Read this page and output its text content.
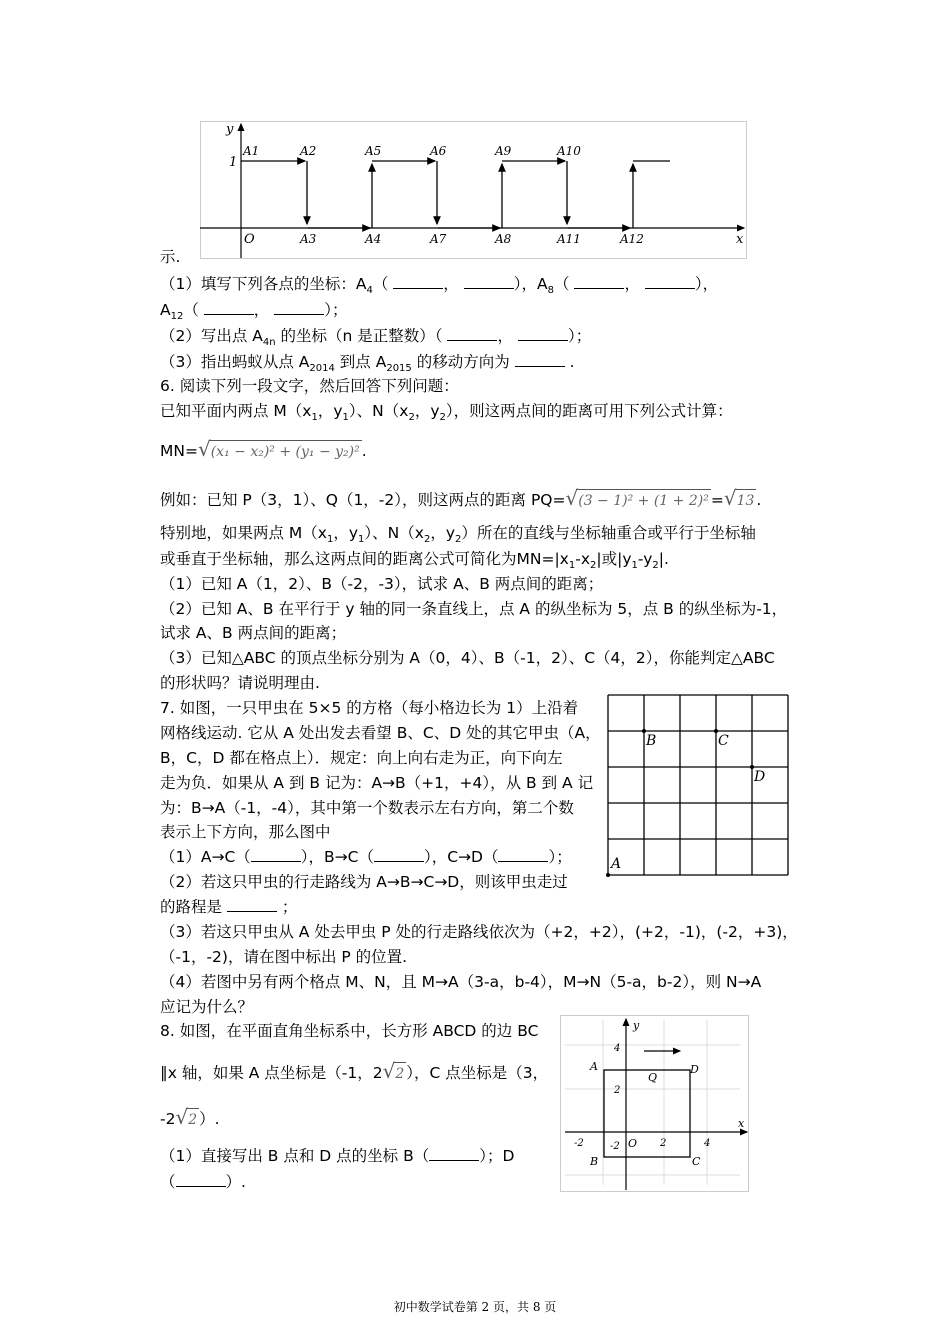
y
1
O	x
A1	A2	A5	A6	A9	A10
A3	A4	A7	A8	A11	A12
示.
（1）填写下列各点的坐标：$A_4$（	，	），$A_8$（	，	），
$A_{12}$（	，	）；
（2）写出点 $A_{4n}$ 的坐标（n 是正整数）（	，	）；
（3）指出蚂蚁从点 $A_{2014}$ 到点 $A_{2015}$ 的移动方向为	.
6. 阅读下列一段文字，然后回答下列问题：
已知平面内两点 $M(x_1$，$y_1$）、$N(x_2$，$y_2$），则这两点间的距离可用下列公式计算：
MN=√(x₁ − x₂)² + (y₁ − y₂)² .
例如：已知 P（3，1）、Q（1，-2），则这两点的距离 PQ=√(3 − 1)² + (1 + 2)² =√13 .
特别地，如果两点 $M(x_1$，$y_1$）、$N(x_2$，$y_2$）所在的直线与坐标轴重合或平行于坐标轴
或垂直于坐标轴，那么这两点间的距离公式可简化为$MN=|x_1-x_2|$或$|y_1-y_2|$.
（1）已知 A（1，2）、B（-2，-3），试求 A、B 两点间的距离；
（2）已知 A、B 在平行于 y 轴的同一条直线上，点 A 的纵坐标为 5，点 B 的纵坐标为-1，
试求 A、B 两点间的距离；
（3）已知△ABC 的顶点坐标分别为 A（0，4）、B（-1，2）、C（4，2），你能判定△ABC
的形状吗？请说明理由.
7. 如图，一只甲虫在 5×5 的方格（每小格边长为 1）上沿着
网格线运动. 它从 A 处出发去看望 B、C、D 处的其它甲虫（A，
B，C，D 都在格点上）．规定：向上向右走为正，向下向左
走为负．如果从 A 到 B 记为：A→B（+1，+4），从 B 到 A 记
为：B→A（-1，-4），其中第一个数表示左右方向，第二个数
表示上下方向，那么图中
（1）A→C（	），B→C（	），C→D（	）；
（2）若这只甲虫的行走路线为 A→B→C→D，则该甲虫走过
的路程是	；
（3）若这只甲虫从 A 处去甲虫 P 处的行走路线依次为（+2，+2），(+2，-1)，(-2，+3)，
（-1，-2)，请在图中标出 P 的位置.
（4）若图中另有两个格点 M、N，且 M→A（3-a，b-4），M→N（5-a，b-2），则 N→A
应记为什么？
A
B	C
D
8. 如图，在平面直角坐标系中，长方形 ABCD 的边 BC
∥x 轴，如果 A 点坐标是（-1，2√2 ），C 点坐标是（3，
-2√2 ）.
（1）直接写出 B 点和 D 点的坐标 B（	）；D
（	）.
y
x
O
A
B	C
D
Q
4
2
-2
-2	2	4
初中数学试卷第 2 页，共 8 页
